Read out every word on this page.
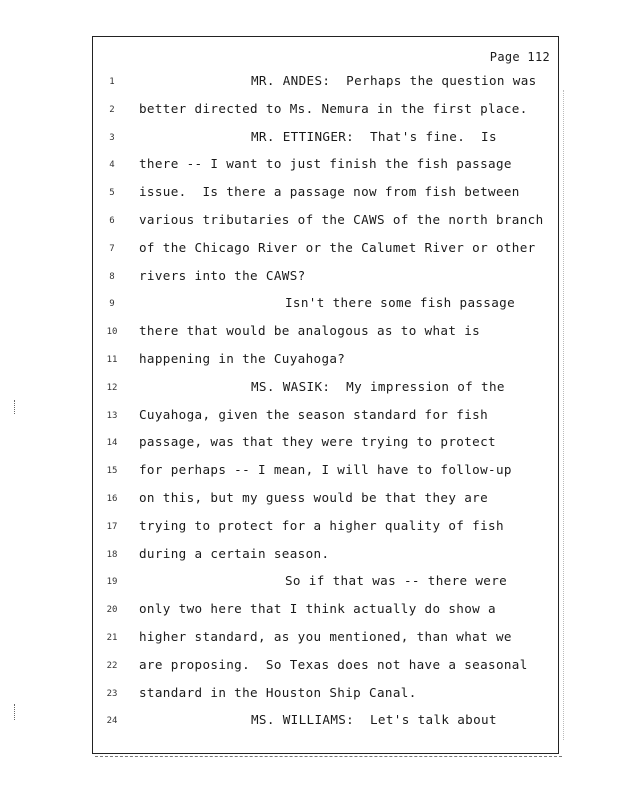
Page 112
1	MR. ANDES:  Perhaps the question was
2	better directed to Ms. Nemura in the first place.
3	MR. ETTINGER:  That's fine.  Is
4	there -- I want to just finish the fish passage
5	issue.  Is there a passage now from fish between
6	various tributaries of the CAWS of the north branch
7	of the Chicago River or the Calumet River or other
8	rivers into the CAWS?
9	Isn't there some fish passage
10 there that would be analogous as to what is
11 happening in the Cuyahoga?
12	MS. WASIK:  My impression of the
13 Cuyahoga, given the season standard for fish
14 passage, was that they were trying to protect
15 for perhaps -- I mean, I will have to follow-up
16 on this, but my guess would be that they are
17 trying to protect for a higher quality of fish
18 during a certain season.
19	So if that was -- there were
20 only two here that I think actually do show a
21 higher standard, as you mentioned, than what we
22 are proposing.  So Texas does not have a seasonal
23 standard in the Houston Ship Canal.
24	MS. WILLIAMS:  Let's talk about
